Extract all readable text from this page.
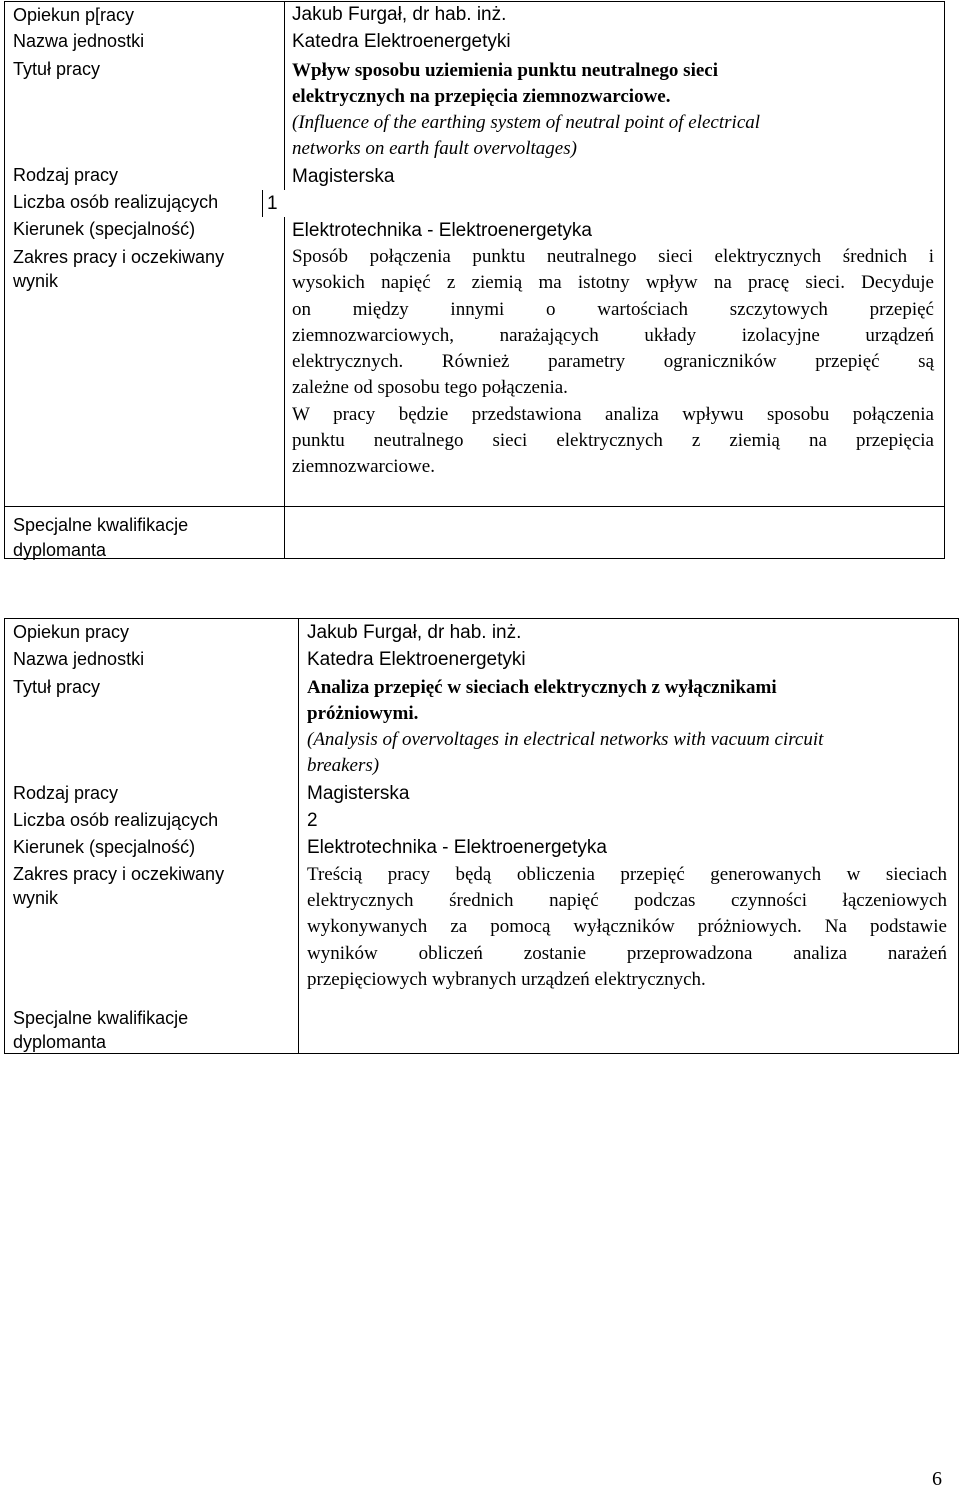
Opiekun p[racy
Nazwa jednostki
Tytuł pracy
Rodzaj pracy
Liczba osób realizujących
Kierunek (specjalność)
Zakres pracy i oczekiwany
wynik
Specjalne kwalifikacje
dyplomanta
Jakub Furgał, dr hab. inż.
Katedra Elektroenergetyki
Wpływ sposobu uziemienia punktu neutralnego sieci
elektrycznych na przepięcia ziemnozwarciowe.
(Influence of the earthing system of neutral point of electrical
networks on earth fault overvoltages)
Magisterska
1
Elektrotechnika - Elektroenergetyka
Sposób połączenia punktu neutralnego sieci elektrycznych średnich i
wysokich napięć z ziemią ma istotny wpływ na pracę sieci. Decyduje
on między innymi o wartościach szczytowych przepięć
ziemnozwarciowych, narażających układy izolacyjne urządzeń
elektrycznych. Również parametry ograniczników przepięć są
zależne od sposobu tego połączenia.
W pracy będzie przedstawiona analiza wpływu sposobu połączenia
punktu neutralnego sieci elektrycznych z ziemią na przepięcia
ziemnozwarciowe.
Opiekun pracy
Nazwa jednostki
Tytuł pracy
Rodzaj pracy
Liczba osób realizujących
Kierunek (specjalność)
Zakres pracy i oczekiwany
wynik
Specjalne kwalifikacje
dyplomanta
Jakub Furgał, dr hab. inż.
Katedra Elektroenergetyki
Analiza przepięć w sieciach elektrycznych z wyłącznikami
próżniowymi.
(Analysis of overvoltages in electrical networks with vacuum circuit
breakers)
Magisterska
2
Elektrotechnika - Elektroenergetyka
Treścią pracy będą obliczenia przepięć generowanych w sieciach
elektrycznych średnich napięć podczas czynności łączeniowych
wykonywanych za pomocą wyłączników próżniowych. Na podstawie
wyników obliczeń zostanie przeprowadzona analiza narażeń
przepięciowych wybranych urządzeń elektrycznych.
6
